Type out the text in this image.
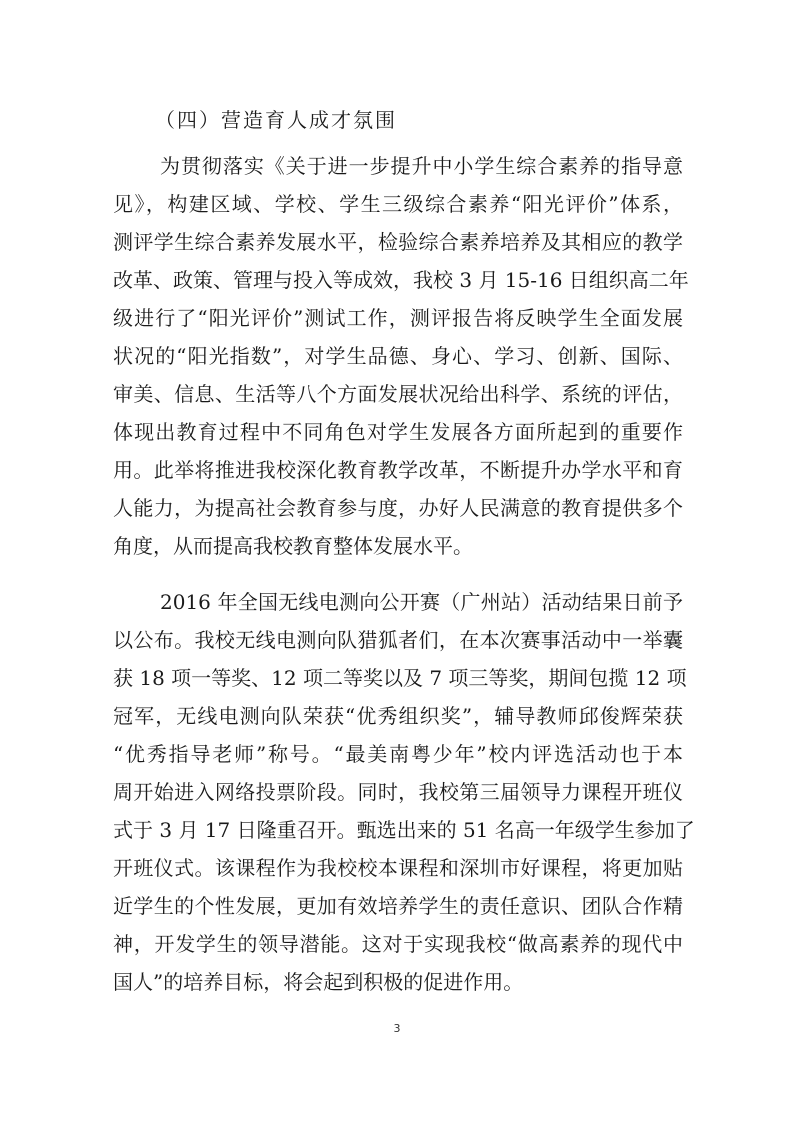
（四）营造育人成才氛围
为贯彻落实《关于进一步提升中小学生综合素养的指导意
见》，构建区域、学校、学生三级综合素养“阳光评价”体系，
测评学生综合素养发展水平，检验综合素养培养及其相应的教学
改革、政策、管理与投入等成效，我校 3 月 15-16 日组织高二年
级进行了“阳光评价”测试工作，测评报告将反映学生全面发展
状况的“阳光指数”，对学生品德、身心、学习、创新、国际、
审美、信息、生活等八个方面发展状况给出科学、系统的评估，
体现出教育过程中不同角色对学生发展各方面所起到的重要作
用。此举将推进我校深化教育教学改革，不断提升办学水平和育
人能力，为提高社会教育参与度，办好人民满意的教育提供多个
角度，从而提高我校教育整体发展水平。
2016 年全国无线电测向公开赛（广州站）活动结果日前予
以公布。我校无线电测向队猎狐者们，在本次赛事活动中一举囊
获 18 项一等奖、12 项二等奖以及 7 项三等奖，期间包揽 12 项
冠军，无线电测向队荣获“优秀组织奖”，辅导教师邱俊辉荣获
“优秀指导老师”称号。“最美南粤少年”校内评选活动也于本
周开始进入网络投票阶段。同时，我校第三届领导力课程开班仪
式于 3 月 17 日隆重召开。甄选出来的 51 名高一年级学生参加了
开班仪式。该课程作为我校校本课程和深圳市好课程，将更加贴
近学生的个性发展，更加有效培养学生的责任意识、团队合作精
神，开发学生的领导潜能。这对于实现我校“做高素养的现代中
国人”的培养目标，将会起到积极的促进作用。
3
